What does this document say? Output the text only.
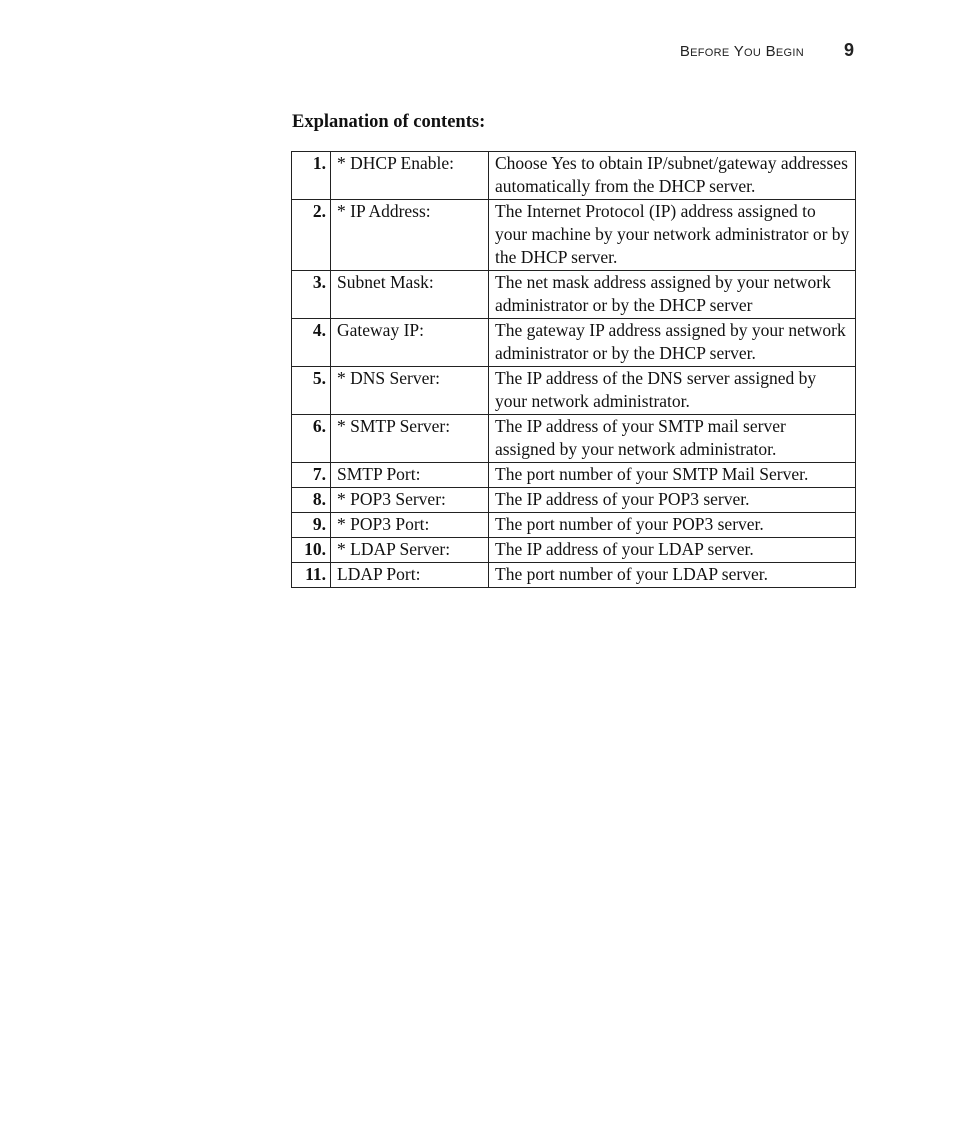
Before You Begin 9
Explanation of contents:
1.	* DHCP Enable:	Choose Yes to obtain IP/subnet/gateway addresses automatically from the DHCP server.
2.	* IP Address:	The Internet Protocol (IP) address assigned to your machine by your network administrator or by the DHCP server.
3.	Subnet Mask:	The net mask address assigned by your network administrator or by the DHCP server
4.	Gateway IP:	The gateway IP address assigned by your network administrator or by the DHCP server.
5.	* DNS Server:	The IP address of the DNS server assigned by your network administrator.
6.	* SMTP Server:	The IP address of your SMTP mail server assigned by your network administrator.
7.	SMTP Port:	The port number of your SMTP Mail Server.
8.	* POP3 Server:	The IP address of your POP3 server.
9.	* POP3 Port:	The port number of your POP3 server.
10.	* LDAP Server:	The IP address of your LDAP server.
11.	LDAP Port:	The port number of your LDAP server.
